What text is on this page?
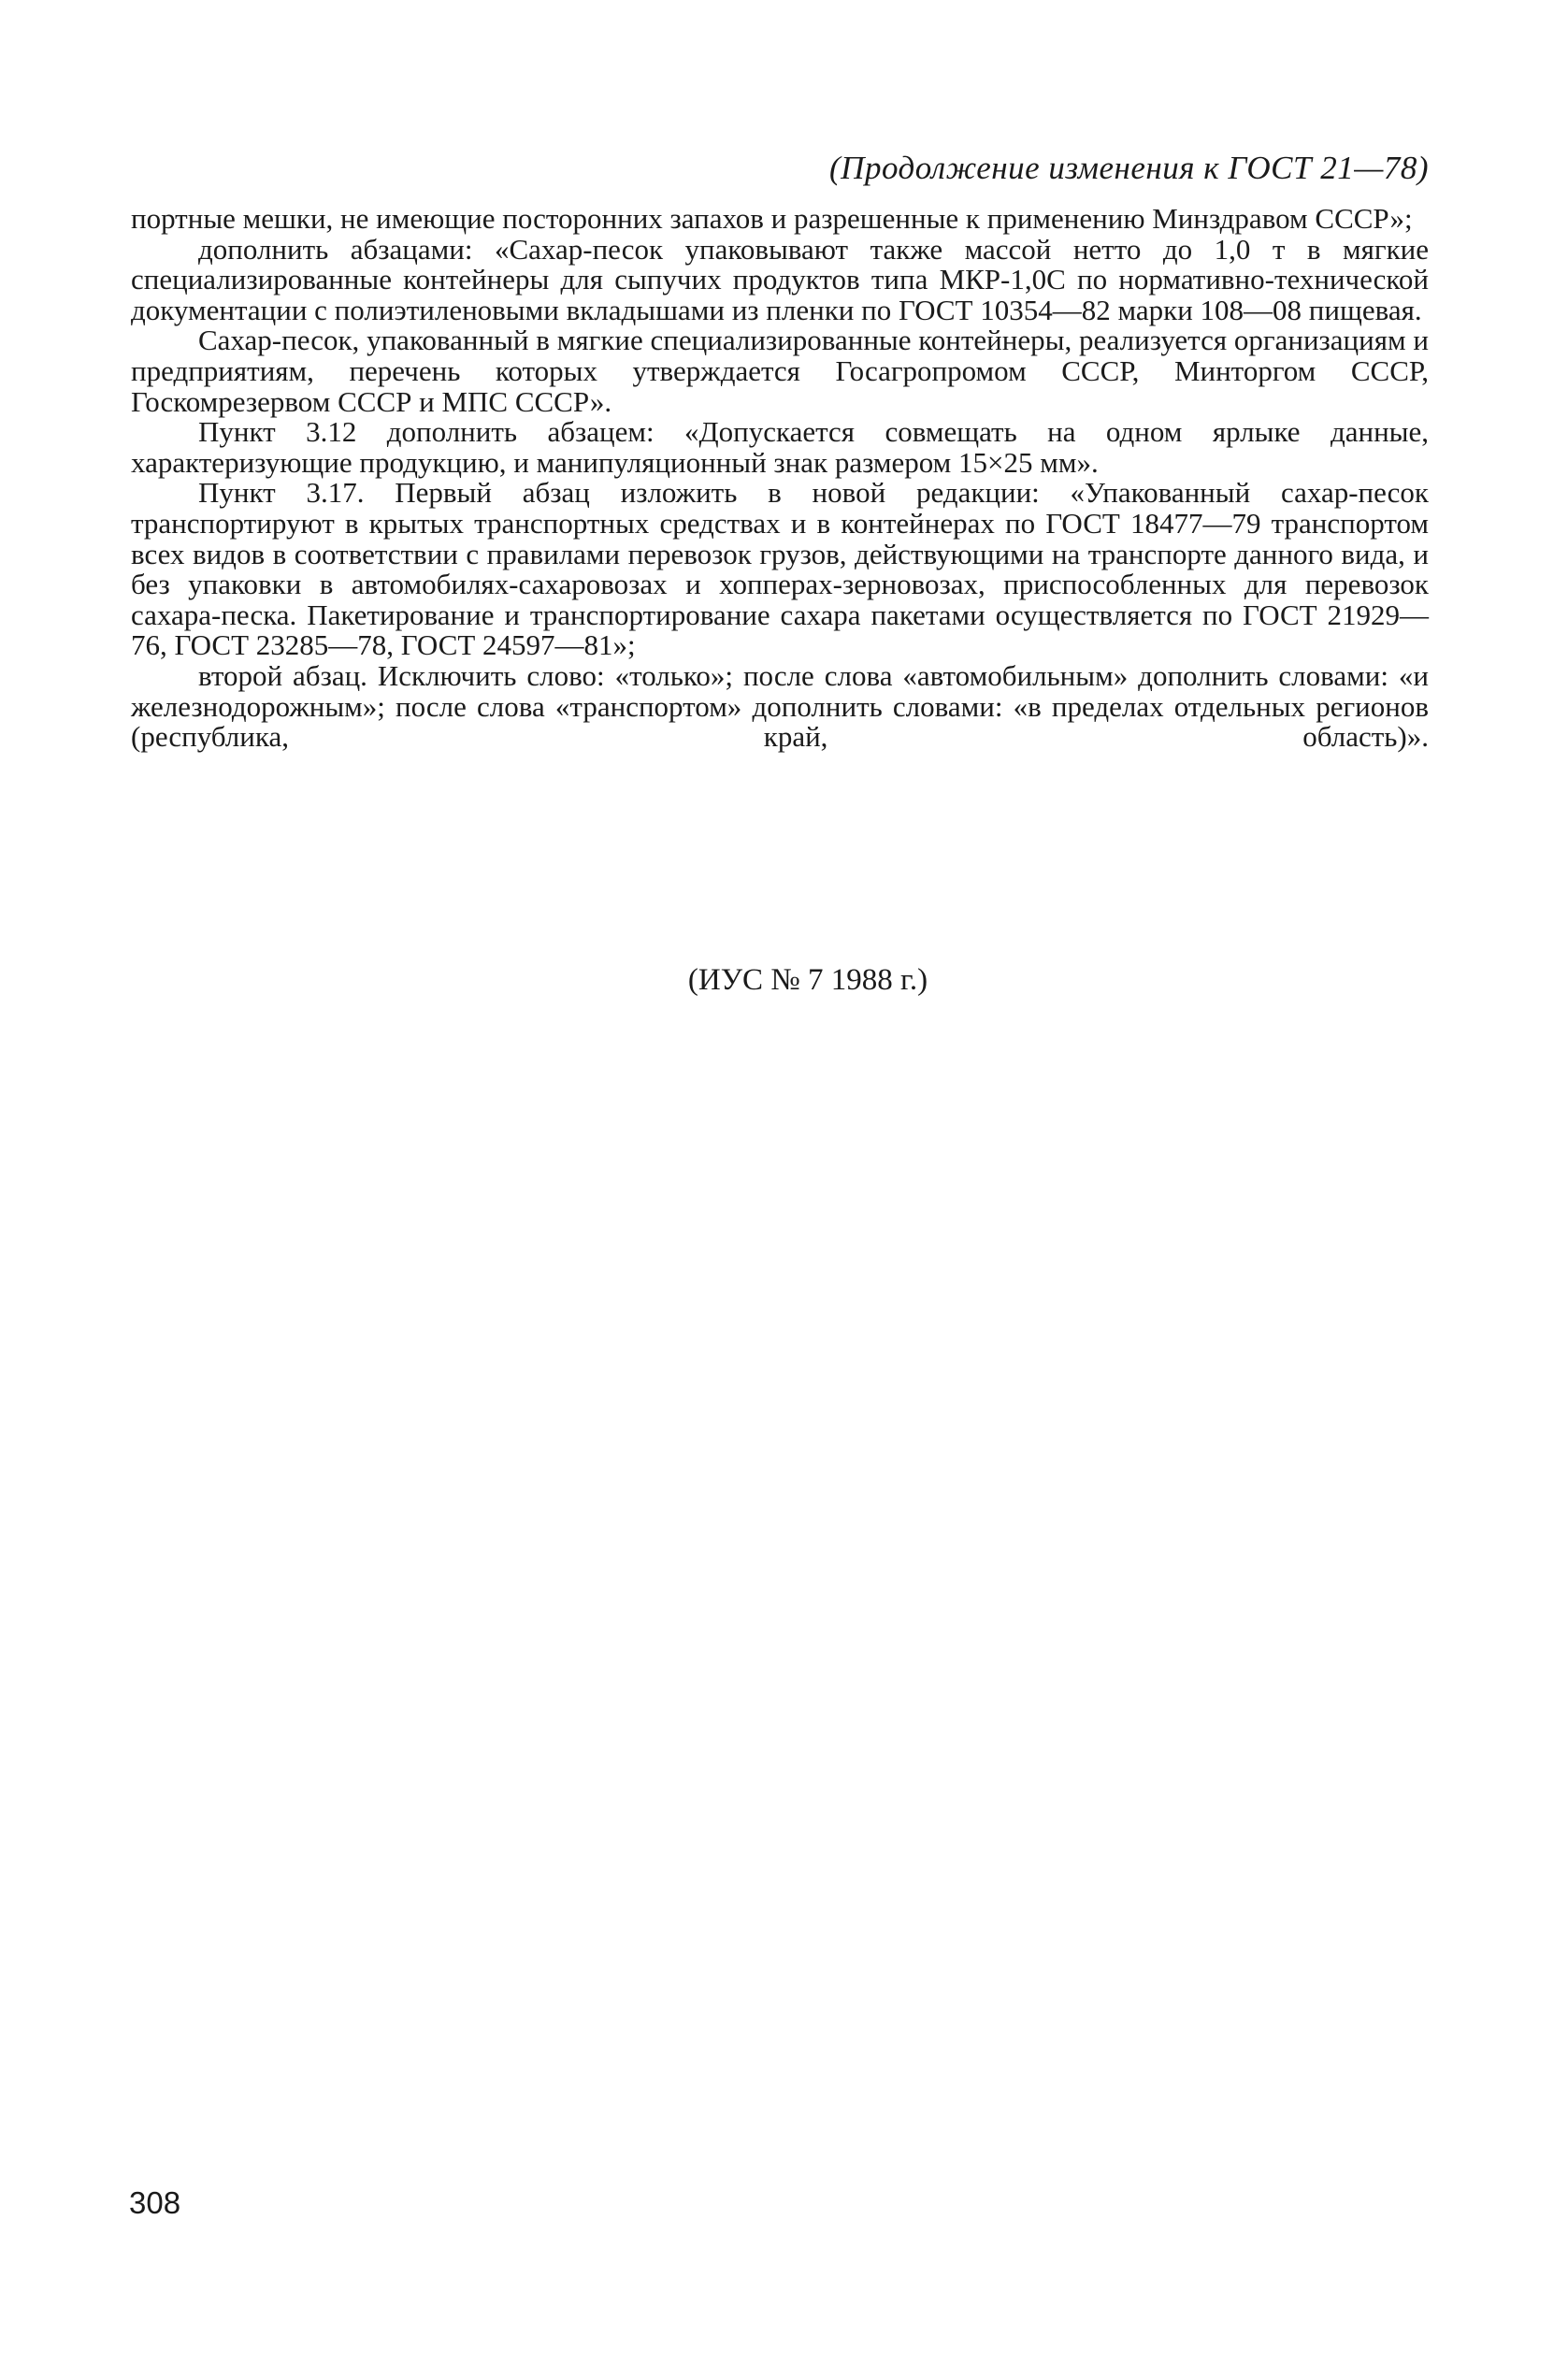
(Продолжение изменения к ГОСТ 21—78)

портные мешки, не имеющие посторонних запахов и разрешенные к применению Минздравом СССР»;

дополнить абзацами: «Сахар-песок упаковывают также массой нетто до 1,0 т в мягкие специализированные контейнеры для сыпучих продуктов типа МКР-1,0С по нормативно-технической документации с полиэтиленовыми вкладышами из пленки по ГОСТ 10354—82 марки 108—08 пищевая.

Сахар-песок, упакованный в мягкие специализированные контейнеры, реализуется организациям и предприятиям, перечень которых утверждается Госагропромом СССР, Минторгом СССР, Госкомрезервом СССР и МПС СССР».

Пункт 3.12 дополнить абзацем: «Допускается совмещать на одном ярлыке данные, характеризующие продукцию, и манипуляционный знак размером 15×25 мм».

Пункт 3.17. Первый абзац изложить в новой редакции: «Упакованный сахар-песок транспортируют в крытых транспортных средствах и в контейнерах по ГОСТ 18477—79 транспортом всех видов в соответствии с правилами перевозок грузов, действующими на транспорте данного вида, и без упаковки в автомобилях-сахаровозах и хопперах-зерновозах, приспособленных для перевозок сахара-песка. Пакетирование и транспортирование сахара пакетами осуществляется по ГОСТ 21929—76, ГОСТ 23285—78, ГОСТ 24597—81»;

второй абзац. Исключить слово: «только»; после слова «автомобильным» дополнить словами: «и железнодорожным»; после слова «транспортом» дополнить словами: «в пределах отдельных регионов (республика, край, область)».

(ИУС № 7 1988 г.)
308
